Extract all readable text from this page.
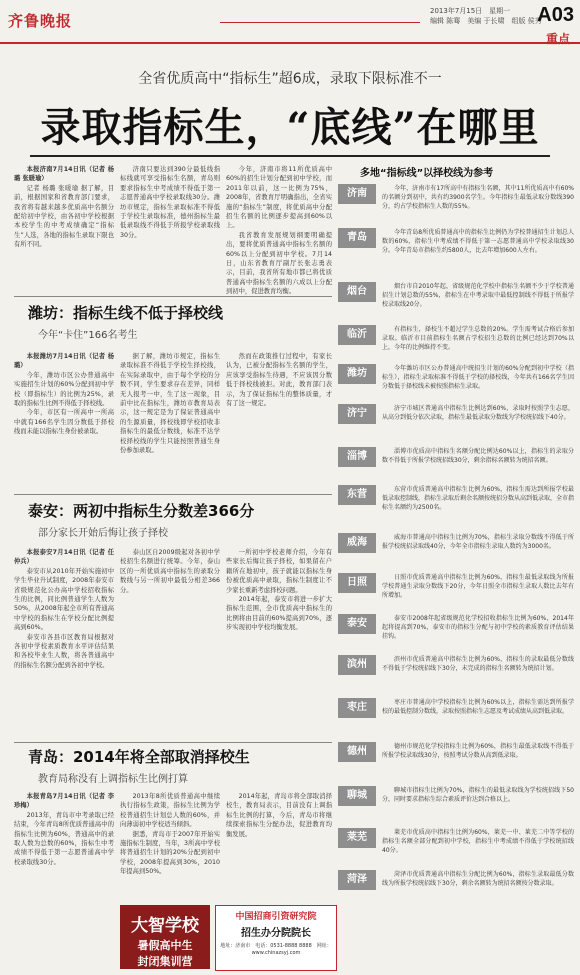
齐鲁晚报
2013年7月15日　星期一
编辑 陈骞　美编 于长啸　组版 侯秀
A03
重点
全省优质高中“指标生”超6成，录取下限标准不一
录取指标生，“底线”在哪里

本报济南7月14日讯（记者 杨璐 张暖瑜）

记者 杨璐 张暖瑜 据了解，目前，根据国家和省教育部门要求，我省将有越来越多优质高中名额分配给初中学校，由各初中学校根据本校学生的中考成绩确定“指标生”人选，各地的指标生录取下限也有所不同。

济南只要达到390分最低线指标线就可享受指标生名额，青岛则要求指标生中考成绩不得低于第一志愿普通高中学校录取线30分。潍坊市规定，指标生录取标准不得低于学校生录取标准，德州指标生最低录取线不得低于所报学校录取线30分。

今年，济南市将11所优质高中60%的招生计划分配到初中学校，而2011年以前，这一比例为75%，2008年，省教育厅明确指出，全省实施的“指标生”制度，将优质高中分配招生名额的比例逐步提高到60%以上。

我省教育发展规划纲要明确提出，要将优质普通高中指标生名额的60%以上分配到初中学校。7月14日，山东省教育厅副厅长张志勇表示，目前，我省所有地市都已将优质普通高中指标生名额的六成以上分配到初中，促进教育均衡。

潍坊：指标生线不低于择校线
今年“卡住”166名考生

本报潍坊7月14日讯（记者 杨璐）

今年，潍坊市区公办普通高中实施招生计划的60%分配到初中学校（即指标生）的比例为25%，录取的指标生比例不得低于择校线。

今年，市区有一所高中一所高中就有166名学生因分数低于择校线而未能以指标生身份被录取。

据了解，潍坊市规定，指标生录取标准不得低于学校生择校线，在实际录取中，由于每个学校的分数不同，学生要求存在差异，同样无人报考一中，生了这一现象，目前中比在指标生，潍坊市教育局表示，这一规定是为了保证普通高中的生源质量，择校线即学校招收非指标生的最低分数线，标准不达学校择校线的学生只能按照普通生身份参加录取。

然而在政策推行过程中，有家长认为，已被分配指标生名额的学生，应该享受指标生待遇，不应该因分数低于择校线被拒。对此，教育部门表示，为了保证指标生的整体质量，才有了这一规定。

泰安：两初中指标生分数差366分
部分家长开始后悔让孩子择校

本报泰安7月14日讯（记者 任仲兵）

泰安市从2010年开始实施初中学生毕业升试制度，2008年泰安市省级规范化公办高中学校招收指标生的比例，同比例普通学生人数为50%，从2008年起全市所有普通高中学校的指标生在学校分配比例提高到60%。

泰安市各县市区教育局根据对各初中学校素质教育水平评估结果和各校毕业生人数，将各普通高中的指标生名额分配到各初中学校。

泰山区自2009级起对各初中学校招生名额进行统筹。今年，泰山区的一所优质高中指标生的录取分数线与另一所初中最低分相差366分。

一所初中学校老师介绍，今年有些家长后悔让孩子择校，如果留在户籍所在地初中，孩子就能以指标生身份被优质高中录取，指标生制度让不少家长重新考虑择校问题。

2014年起，泰安市将进一步扩大指标生范围，全市优质高中指标生的比例将由目前的60%提高到70%，逐步实现初中学校均衡发展。

青岛：2014年将全部取消择校生
教育局称没有上调指标生比例打算

本报青岛7月14日讯（记者 李珍梅）

2013年，青岛市中考录取已经结束，今年青岛8所优质普通高中的指标生比例为60%，普通高中的录取人数为总数的60%，指标生中考成绩不得低于第一志愿普通高中学校录取线30分。

2013年8所优质普通高中继续执行指标生政策，指标生比例为学校普通招生计划总人数的60%，并向薄弱初中学校适当倾斜。

据悉，青岛市于2007年开始实施指标生制度，当年，3所高中学校将普通招生计划的20%分配到初中学校，2008年提高到30%，2010年提高到50%。

2014年起，青岛市将全部取消择校生，教育局表示，目前没有上调指标生比例的打算，今后，青岛市将继续探索指标生分配办法，促进教育均衡发展。

大智学校
暑假高中生
封闭集训营
中国招商引资研究院
招生办分院院长
地址：济南市　电话：0531-8888 8888　网址：www.chinazsyj.com
多地“指标线”以择校线为参考
济南	今年，济南市有17所高中有指标生名额，其中11所优质高中有60%的名额分到初中，共有约3900名学生。今年指标生最低录取分数线390分，约占学校指标生人数的55%。

青岛	今年青岛8所优质普通高中的指标生比例仍为学校普通招生计划总人数的60%，指标生中考成绩不得低于第一志愿普通高中学校录取线30分。今年青岛市指标生约5800人，比去年增加600人左右。

烟台	烟台市自2010年起，省级规范化学校中指标生名额不少于学校普通招生计划总数的55%，指标生在中考录取中最低控制线不得低于所报学校录取线20分。

临沂	有指标生，择校生不超过学生总数的20%。学生需考试合格后参加录取。临沂市目前指标生名额占学校招生总数的比例已经达到70%以上，今年的比例维持不变。

潍坊	今年潍坊市区公办普通高中统招生计划的60%分配到初中学校（指标生），指标生录取标准不得低于学校的择校线，今年共有166名学生因分数低于择校线未被按照指标生录取。

济宁	济宁市城区普通高中指标生比例达到60%，录取时按照学生志愿，从高分到低分依次录取，指标生最低录取分数线为学校统招线下40分。

淄博	淄博市优质高中指标生名额分配比例达60%以上，指标生的录取分数不得低于所报学校统招线30分，剩余指标名额转为统招名额。

东营	东营市优质普通高中指标生比例为60%，指标生需达到所报学校最低录取控制线，指标生录取后剩余名额按统招分数从高到低录取，全市指标生名额约为2500名。

威海	威海市普通高中指标生比例为70%，指标生录取分数线不得低于所报学校统招录取线40分，今年全市指标生录取人数约为3000名。

日照	日照市优质普通高中指标生比例为60%，指标生最低录取线为所报学校普通生录取分数线下20分，今年日照全市指标生录取人数比去年有所增加。

泰安	泰安市2008年起省级规范化学校招收指标生比例为60%，2014年起将提高到70%，泰安市的指标生分配与初中学校的素质教育评估结果挂钩。

滨州	滨州市优质普通高中指标生比例为60%，指标生的录取最低分数线不得低于学校统招线下30分，未完成的指标生名额转为统招计划。

枣庄	枣庄市普通高中学校指标生比例为60%以上，指标生需达到所报学校的最低控制分数线，录取按照指标生志愿及考试成绩从高到低录取。

德州	德州市规范化学校指标生比例为60%，指标生最低录取线不得低于所报学校录取线30分，按照考试分数从高到低录取。

聊城	聊城市指标生比例为70%，指标生的最低录取线为学校统招线下50分，同时要求指标生综合素质评价达到合格以上。

莱芜	莱芜市优质高中指标生比例为60%，莱芜一中、莱芜二中等学校的指标生名额全部分配到初中学校，指标生中考成绩不得低于学校统招线40分。

菏泽	菏泽市优质普通高中指标生分配比例为60%，指标生录取最低分数线为所报学校统招线下30分，剩余名额转为统招名额按分数录取。
